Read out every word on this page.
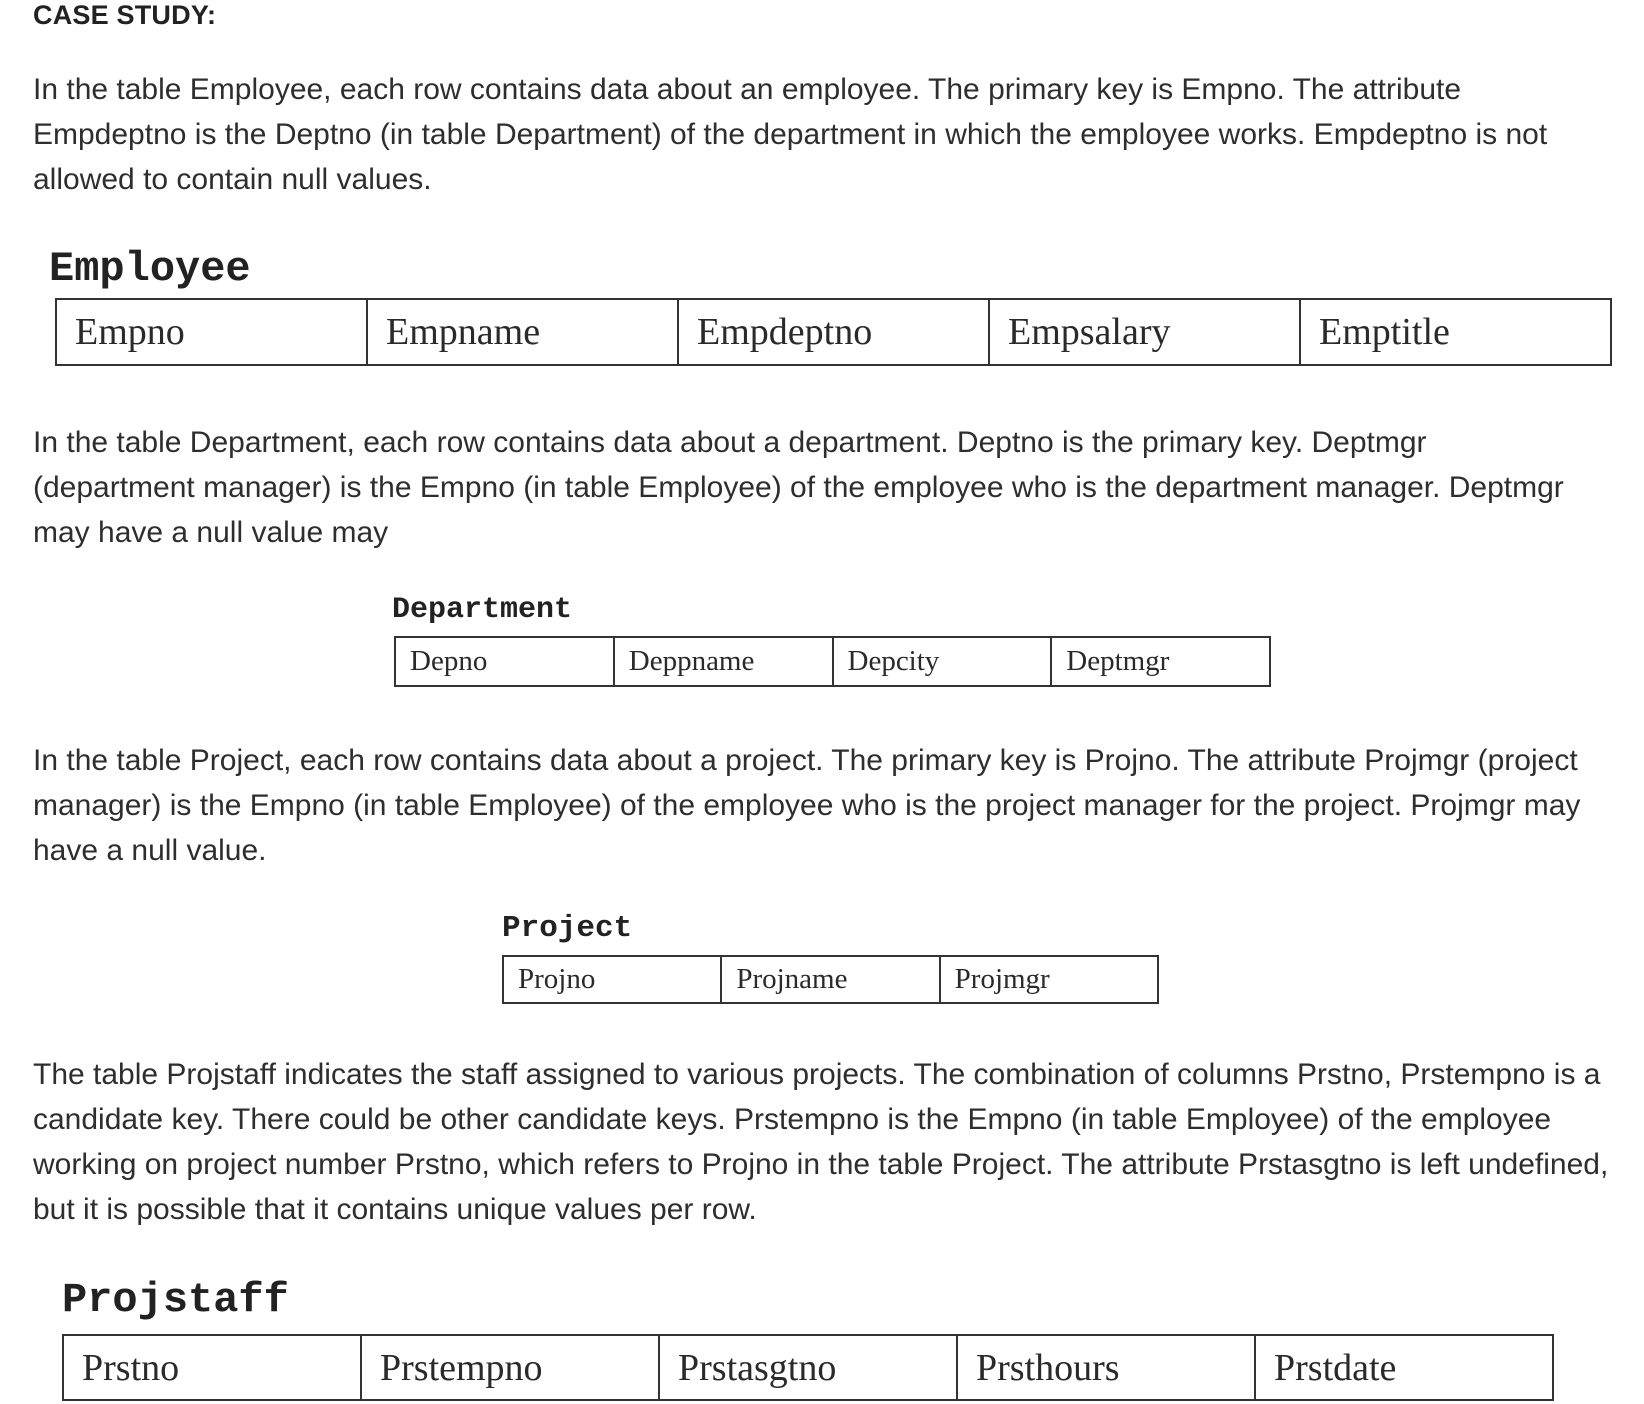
CASE STUDY:

In the table Employee, each row contains data about an employee. The primary key is Empno. The attribute Empdeptno is the Deptno (in table Department) of the department in which the employee works. Empdeptno is not allowed to contain null values.

Employee
Empno	Empname	Empdeptno	Empsalary	Emptitle

In the table Department, each row contains data about a department. Deptno is the primary key. Deptmgr (department manager) is the Empno (in table Employee) of the employee who is the department manager. Deptmgr may have a null value may

Department
Depno	Deppname	Depcity	Deptmgr

In the table Project, each row contains data about a project. The primary key is Projno. The attribute Projmgr (project manager) is the Empno (in table Employee) of the employee who is the project manager for the project. Projmgr may have a null value.

Project
Projno	Projname	Projmgr

The table Projstaff indicates the staff assigned to various projects. The combination of columns Prstno, Prstempno is a candidate key. There could be other candidate keys. Prstempno is the Empno (in table Employee) of the employee working on project number Prstno, which refers to Projno in the table Project. The attribute Prstasgtno is left undefined, but it is possible that it contains unique values per row.

Projstaff
Prstno	Prstempno	Prstasgtno	Prsthours	Prstdate
